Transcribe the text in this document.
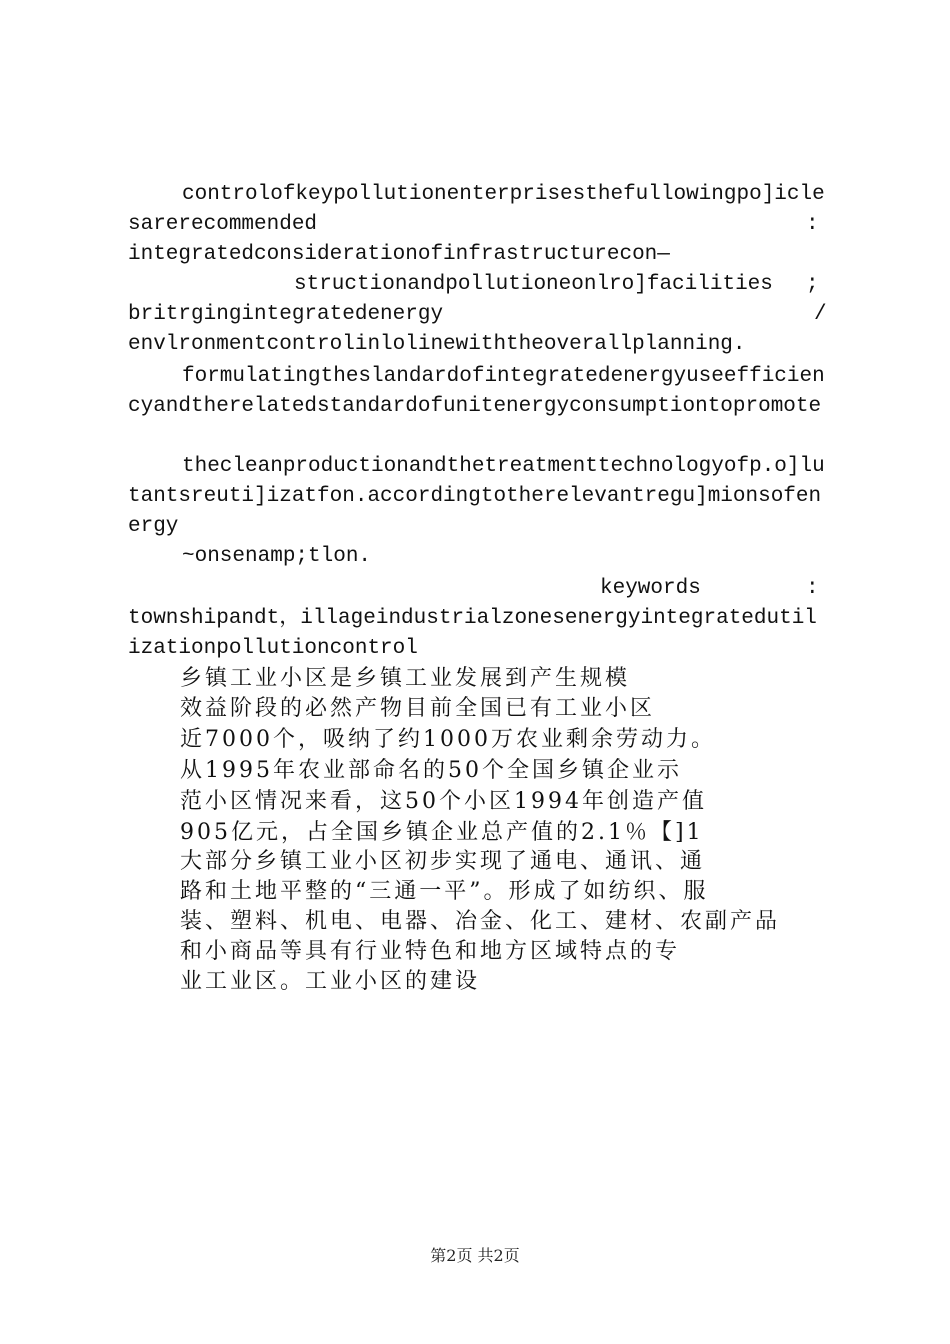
controlofkeypollutionenterprisesthefullowingpo]icle

sarerecommended	:

integratedconsiderationofinfrastructurecon—

structionandpollutioneonlro]facilities ;

britrgingintegratedenergy	/

envlronmentcontrolinlolinewiththeoverallplanning.

formulatingtheslandardofintegratedenergyuseefficien

cyandtherelatedstandardofunitenergyconsumptiontopromote

thecleanproductionandthetreatmenttechnologyofp.o]lu

tantsreuti]izatfon.accordingtotherelevantregu]mionsofen

ergy

~onsenamp;tlon.

keywords	:

townshipandt，illageindustrialzonesenergyintegratedutil

izationpollutioncontrol

乡镇工业小区是乡镇工业发展到产生规模

效益阶段的必然产物目前全国已有工业小区

近7000个，吸纳了约1000万农业剩余劳动力。

从1995年农业部命名的50个全国乡镇企业示

范小区情况来看，这50个小区1994年创造产值

905亿元，占全国乡镇企业总产值的2.1％【]1

大部分乡镇工业小区初步实现了通电、通讯、通

路和土地平整的“三通一平”。形成了如纺织、服

装、塑料、机电、电器、冶金、化工、建材、农副产品

和小商品等具有行业特色和地方区域特点的专

业工业区。工业小区的建设

第2页 共2页
